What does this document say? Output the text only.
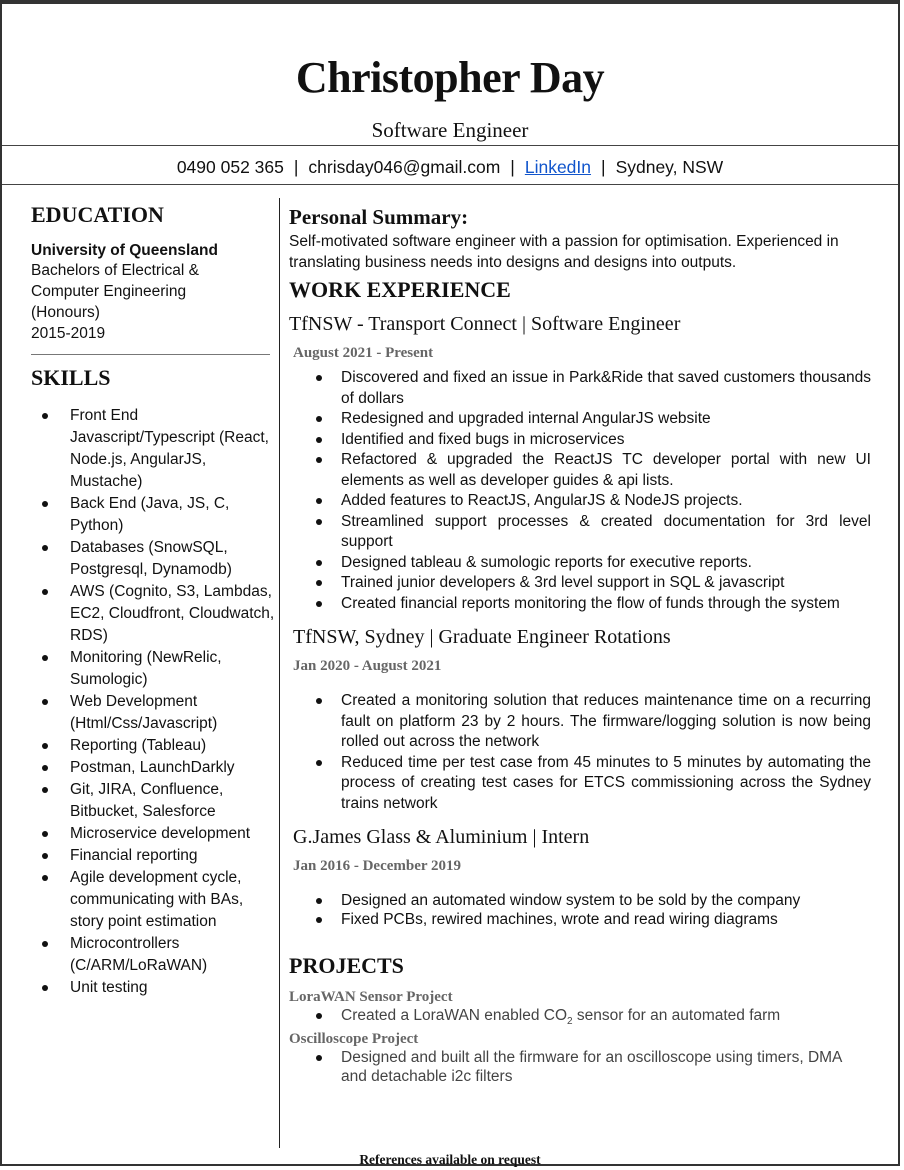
Christopher Day
Software Engineer
0490 052 365 | chrisday046@gmail.com | LinkedIn | Sydney, NSW
EDUCATION
University of Queensland
Bachelors of Electrical &
Computer Engineering
(Honours)
2015-2019
SKILLS
Front End Javascript/Typescript (React, Node.js, AngularJS, Mustache)
Back End (Java, JS, C, Python)
Databases (SnowSQL, Postgresql, Dynamodb)
AWS (Cognito, S3, Lambdas, EC2, Cloudfront, Cloudwatch, RDS)
Monitoring (NewRelic, Sumologic)
Web Development (Html/Css/Javascript)
Reporting (Tableau)
Postman, LaunchDarkly
Git, JIRA, Confluence, Bitbucket, Salesforce
Microservice development
Financial reporting
Agile development cycle, communicating with BAs, story point estimation
Microcontrollers (C/ARM/LoRaWAN)
Unit testing
Personal Summary:
Self-motivated software engineer with a passion for optimisation. Experienced in translating business needs into designs and designs into outputs.
WORK EXPERIENCE
TfNSW - Transport Connect | Software Engineer
August 2021 - Present
Discovered and fixed an issue in Park&Ride that saved customers thousands of dollars
Redesigned and upgraded internal AngularJS website
Identified and fixed bugs in microservices
Refactored & upgraded the ReactJS TC developer portal with new UI elements as well as developer guides & api lists.
Added features to ReactJS, AngularJS & NodeJS projects.
Streamlined support processes & created documentation for 3rd level support
Designed tableau & sumologic reports for executive reports.
Trained junior developers & 3rd level support in SQL & javascript
Created financial reports monitoring the flow of funds through the system
TfNSW, Sydney | Graduate Engineer Rotations
Jan 2020 - August 2021
Created a monitoring solution that reduces maintenance time on a recurring fault on platform 23 by 2 hours. The firmware/logging solution is now being rolled out across the network
Reduced time per test case from 45 minutes to 5 minutes by automating the process of creating test cases for ETCS commissioning across the Sydney trains network
G.James Glass & Aluminium | Intern
Jan 2016 - December 2019
Designed an automated window system to be sold by the company
Fixed PCBs, rewired machines, wrote and read wiring diagrams
PROJECTS
LoraWAN Sensor Project
Created a LoraWAN enabled $CO_2$ sensor for an automated farm
Oscilloscope Project
Designed and built all the firmware for an oscilloscope using timers, DMA and detachable i2c filters
References available on request
